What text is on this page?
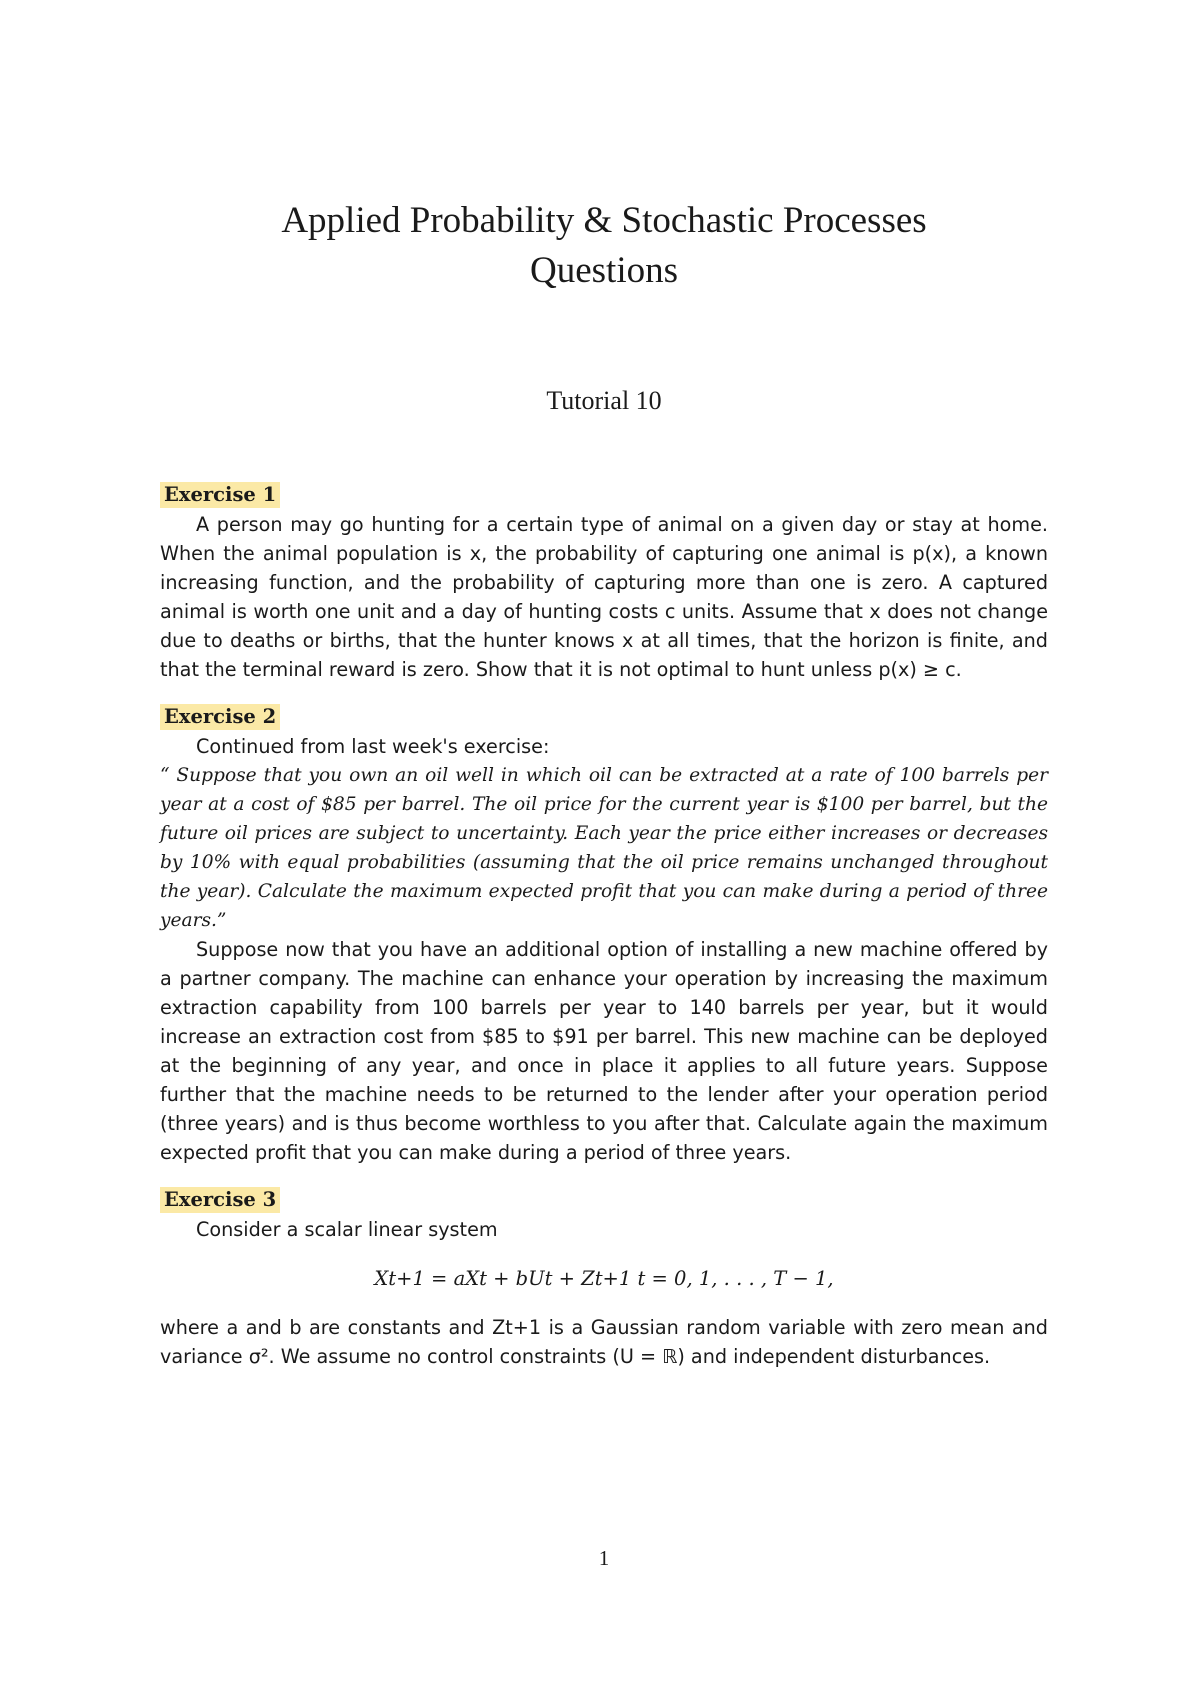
Applied Probability & Stochastic Processes
Questions
Tutorial 10
Exercise 1

A person may go hunting for a certain type of animal on a given day or stay at home. When the animal population is x, the probability of capturing one animal is p(x), a known increasing function, and the probability of capturing more than one is zero. A captured animal is worth one unit and a day of hunting costs c units. Assume that x does not change due to deaths or births, that the hunter knows x at all times, that the horizon is finite, and that the terminal reward is zero. Show that it is not optimal to hunt unless p(x) ≥ c.

Exercise 2

Continued from last week's exercise:

“ Suppose that you own an oil well in which oil can be extracted at a rate of 100 barrels per year at a cost of $85 per barrel. The oil price for the current year is $100 per barrel, but the future oil prices are subject to uncertainty. Each year the price either increases or decreases by 10% with equal probabilities (assuming that the oil price remains unchanged throughout the year). Calculate the maximum expected profit that you can make during a period of three years.”

Suppose now that you have an additional option of installing a new machine offered by a partner company. The machine can enhance your operation by increasing the maximum extraction capability from 100 barrels per year to 140 barrels per year, but it would increase an extraction cost from $85 to $91 per barrel. This new machine can be deployed at the beginning of any year, and once in place it applies to all future years. Suppose further that the machine needs to be returned to the lender after your operation period (three years) and is thus become worthless to you after that. Calculate again the maximum expected profit that you can make during a period of three years.

Exercise 3

Consider a scalar linear system

Xt+1 = aXt + bUt + Zt+1 t = 0, 1, . . . , T − 1,

where a and b are constants and Zt+1 is a Gaussian random variable with zero mean and variance σ². We assume no control constraints (U = ℝ) and independent disturbances.

1
